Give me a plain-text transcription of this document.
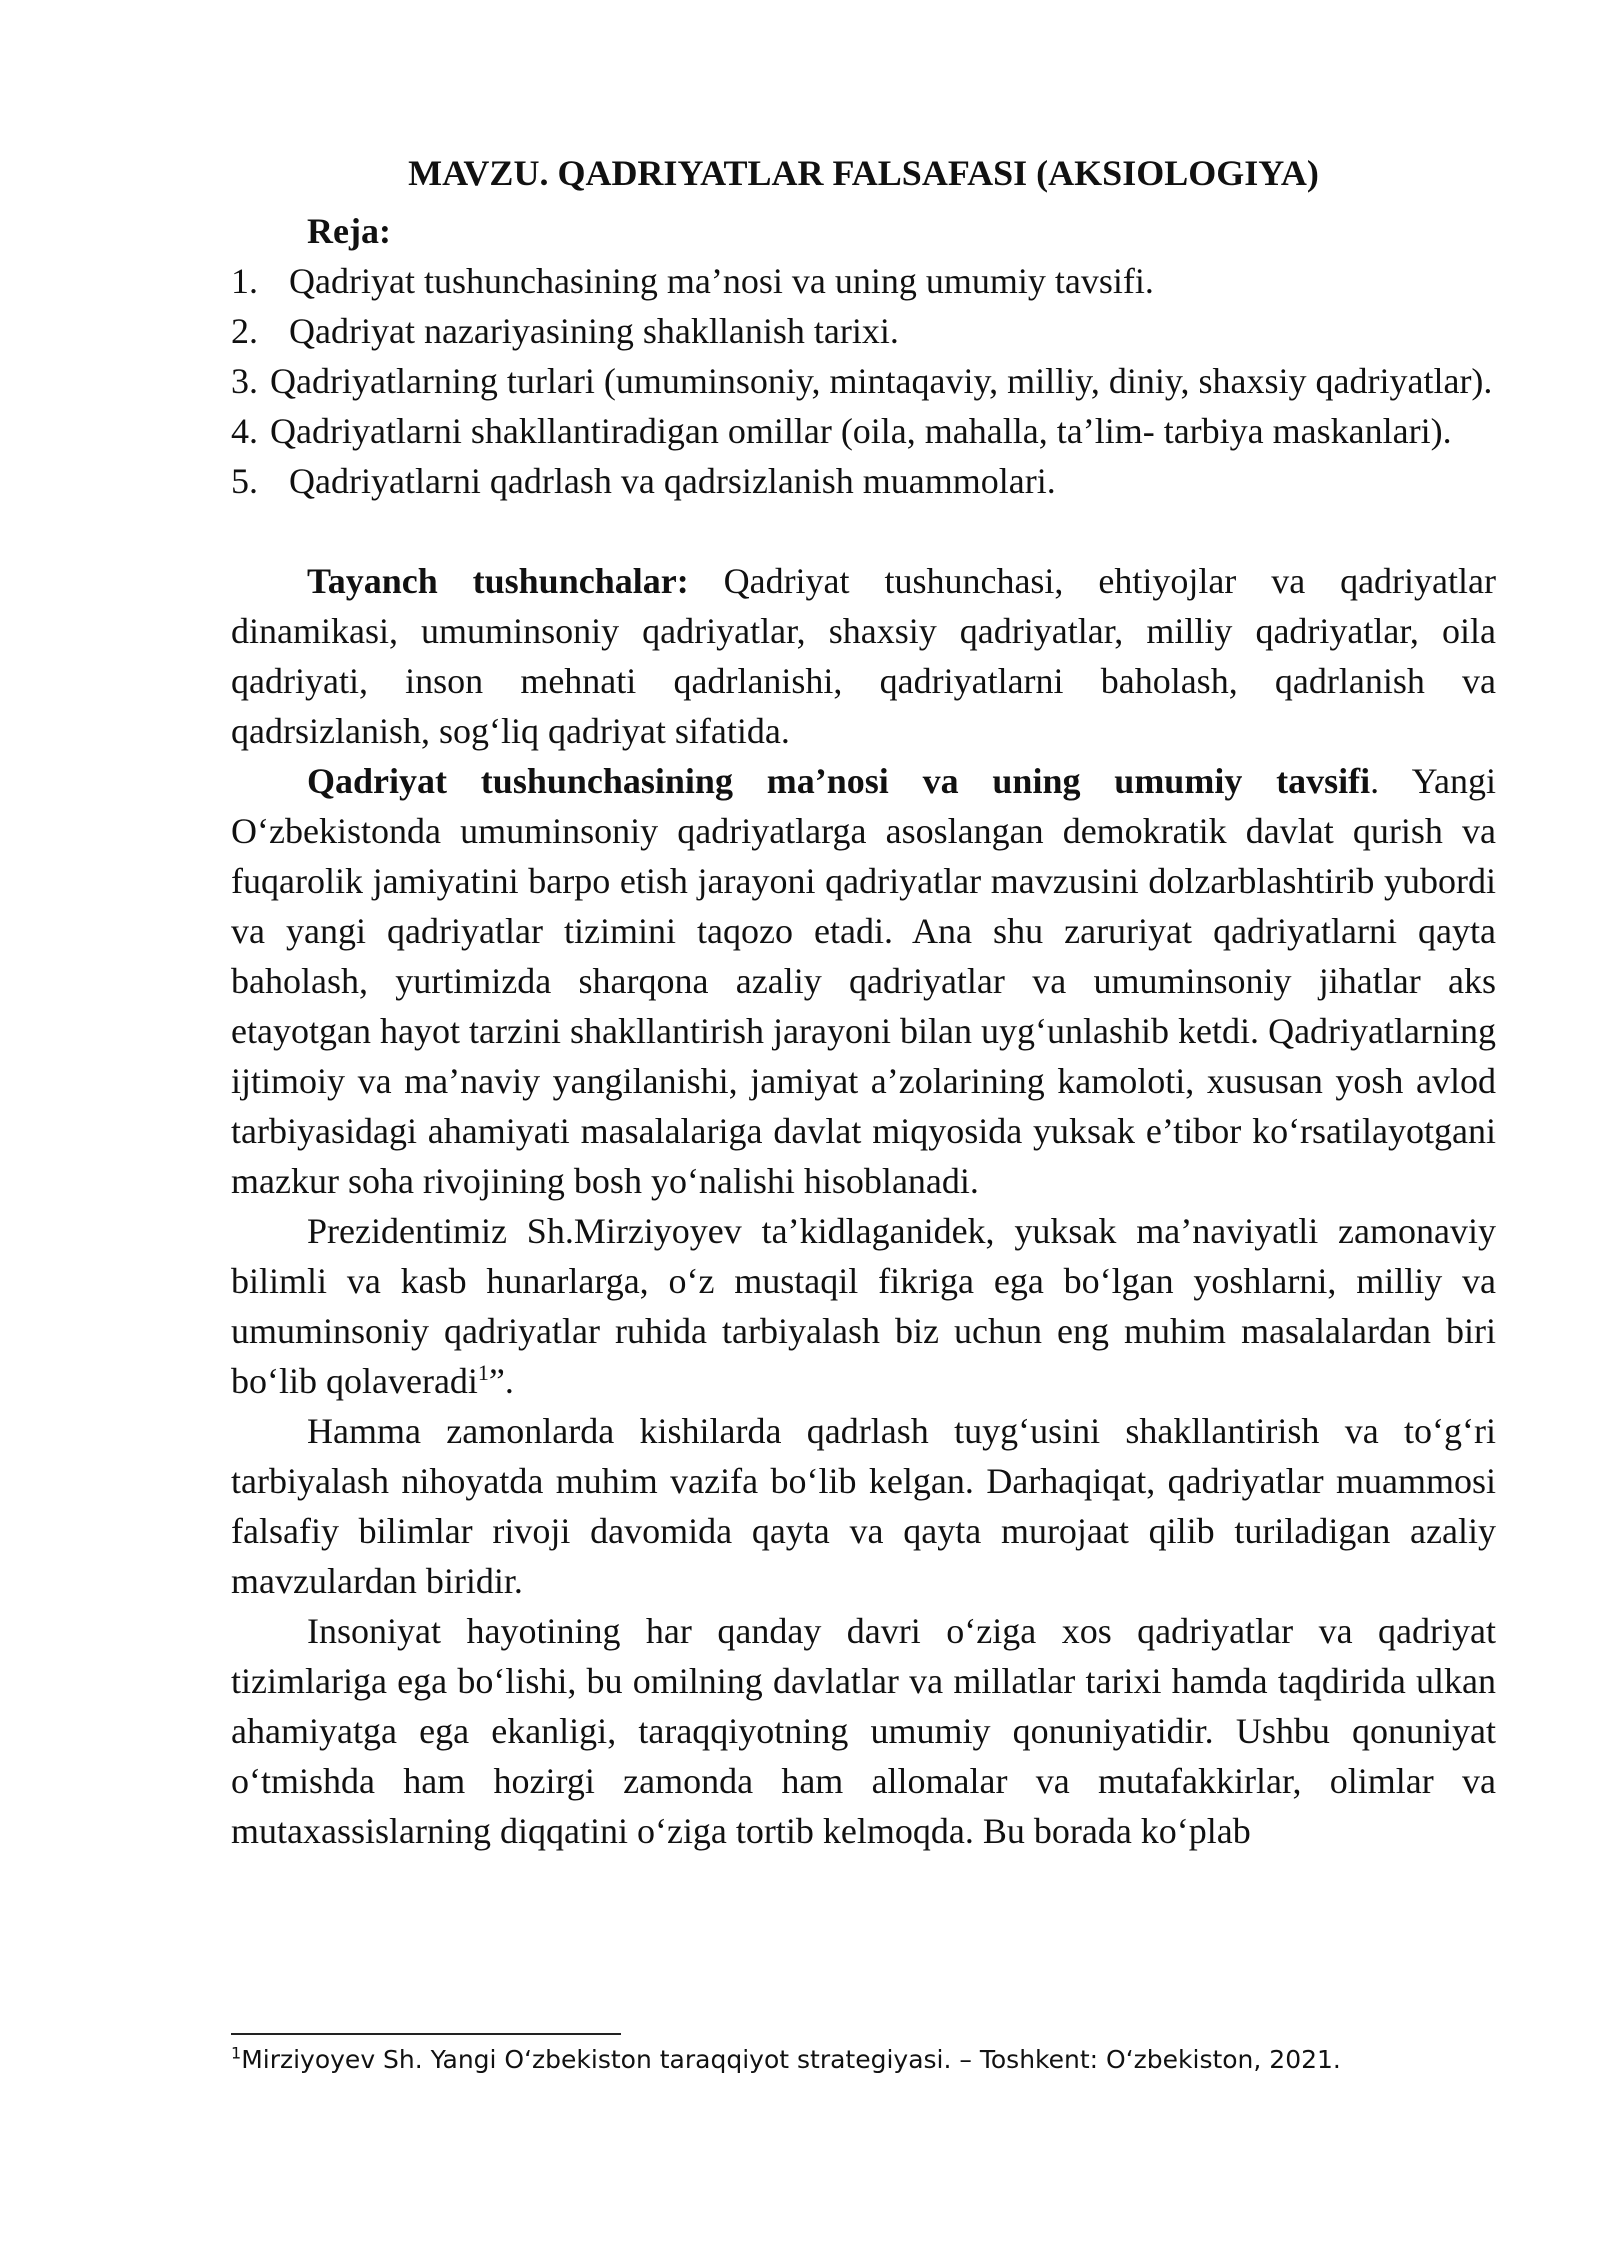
MAVZU. QADRIYATLAR FALSAFASI (AKSIOLOGIYA)
Reja:
1. Qadriyat tushunchasining ma’nosi va uning umumiy tavsifi.
2. Qadriyat nazariyasining shakllanish tarixi.
3. Qadriyatlarning turlari (umuminsoniy, mintaqaviy, milliy, diniy, shaxsiy qadriyatlar).
4. Qadriyatlarni shakllantiradigan omillar (oila, mahalla, ta’lim- tarbiya maskanlari).
5. Qadriyatlarni qadrlash va qadrsizlanish muammolari.

Tayanch tushunchalar: Qadriyat tushunchasi, ehtiyojlar va qadriyatlar dinamikasi, umuminsoniy qadriyatlar, shaxsiy qadriyatlar, milliy qadriyatlar, oila qadriyati, inson mehnati qadrlanishi, qadriyatlarni baholash, qadrlanish va qadrsizlanish, sog‘liq qadriyat sifatida.

Qadriyat tushunchasining ma’nosi va uning umumiy tavsifi. Yangi O‘zbekistonda umuminsoniy qadriyatlarga asoslangan demokratik davlat qurish va fuqarolik jamiyatini barpo etish jarayoni qadriyatlar mavzusini dolzarblashtirib yubordi va yangi qadriyatlar tizimini taqozo etadi. Ana shu zaruriyat qadriyatlarni qayta baholash, yurtimizda sharqona azaliy qadriyatlar va umuminsoniy jihatlar aks etayotgan hayot tarzini shakllantirish jarayoni bilan uyg‘unlashib ketdi. Qadriyatlarning ijtimoiy va ma’naviy yangilanishi, jamiyat a’zolarining kamoloti, xususan yosh avlod tarbiyasidagi ahamiyati masalalariga davlat miqyosida yuksak e’tibor ko‘rsatilayotgani mazkur soha rivojining bosh yo‘nalishi hisoblanadi.

Prezidentimiz Sh.Mirziyoyev ta’kidlaganidek, yuksak ma’naviyatli zamonaviy bilimli va kasb hunarlarga, o‘z mustaqil fikriga ega bo‘lgan yoshlarni, milliy va umuminsoniy qadriyatlar ruhida tarbiyalash biz uchun eng muhim masalalardan biri bo‘lib qolaveradi$^1$”.

Hamma zamonlarda kishilarda qadrlash tuyg‘usini shakllantirish va to‘g‘ri tarbiyalash nihoyatda muhim vazifa bo‘lib kelgan. Darhaqiqat, qadriyatlar muammosi falsafiy bilimlar rivoji davomida qayta va qayta murojaat qilib turiladigan azaliy mavzulardan biridir.

Insoniyat hayotining har qanday davri o‘ziga xos qadriyatlar va qadriyat tizimlariga ega bo‘lishi, bu omilning davlatlar va millatlar tarixi hamda taqdirida ulkan ahamiyatga ega ekanligi, taraqqiyotning umumiy qonuniyatidir. Ushbu qonuniyat o‘tmishda ham hozirgi zamonda ham allomalar va mutafakkirlar, olimlar va mutaxassislarning diqqatini o‘ziga tortib kelmoqda. Bu borada ko‘plab

$^1$Mirziyoyev Sh. Yangi O‘zbekiston taraqqiyot strategiyasi. – Toshkent: O‘zbekiston, 2021.
